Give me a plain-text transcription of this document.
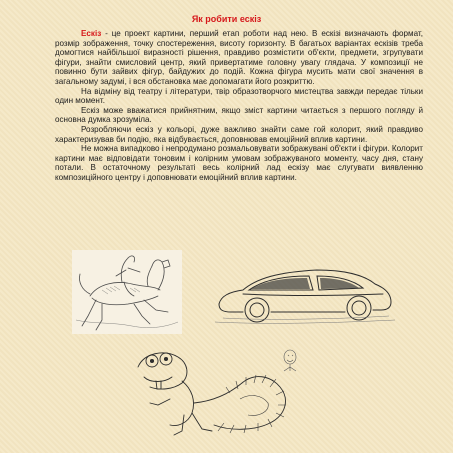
Як робити ескіз

Ескіз - це проект картини, перший етап роботи над нею. В ескізі визначають формат, розмір зображення, точку спостереження, висоту горизонту. В багатьох варіантах ескізів треба домогтися найбільшої виразності рішення, правдиво розмістити об'єкти, предмети, згрупувати фігури, знайти смисловий центр, який привертатиме головну увагу глядача. У композиції не повинно бути зайвих фігур, байдужих до подій. Кожна фігура мусить мати свої значення в загальному задумі, і вся обстановка має допомагати його розкриттю.

На відміну від театру і літератури, твір образотворчого мистецтва завжди передає тільки один момент.

Ескіз може вважатися прийнятним, якщо зміст картини читається з першого погляду й основна думка зрозуміла.

Розробляючи ескіз у кольорі, дуже важливо знайти саме гой колорит, який правдиво характеризував би подію, яка відбувається, доповнював емоційний вплив картини.

Не можна випадково і непродумано розмальовувати зображувані об'єкти і фігури. Колорит картини має відповідати тоновим і колірним умовам зображуваного моменту, часу дня, стану потали. В остаточному результаті весь колірний лад ескізу має слугувати виявленню композиційного центру і доповнювати емоційний вплив картини.
